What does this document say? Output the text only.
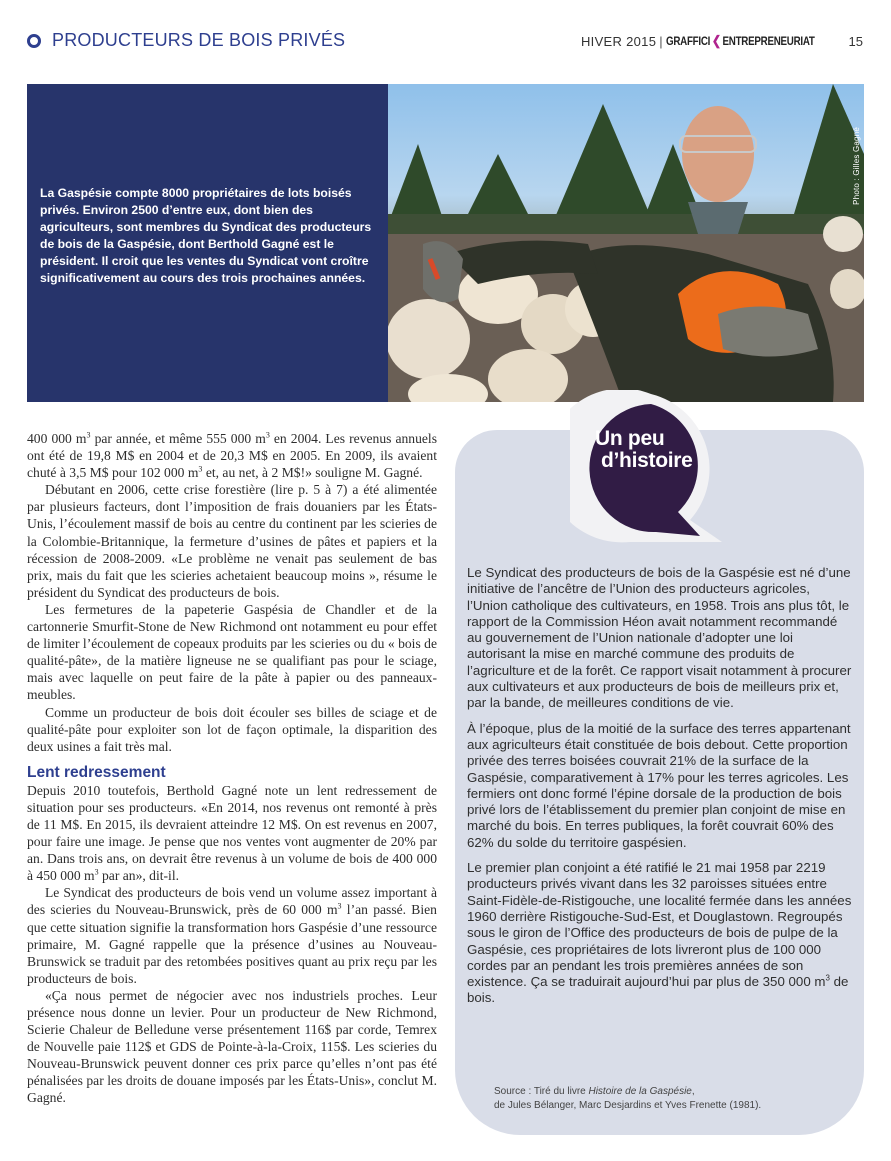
PRODUCTEURS DE BOIS PRIVÉS	HIVER 2015 | GRAFFICI ❮ ENTREPRENEURIAT	15

La Gaspésie compte 8000 propriétaires de lots boisés privés. Environ 2500 d’entre eux, dont bien des agriculteurs, sont membres du Syndicat des producteurs de bois de la Gaspésie, dont Berthold Gagné est le président. Il croit que les ventes du Syndicat vont croître significativement au cours des trois prochaines années.

Photo : Gilles Gagné

400 000 $m^3$ par année, et même 555 000 $m^3$ en 2004. Les revenus annuels ont été de 19,8 M$ en 2004 et de 20,3 M$ en 2005. En 2009, ils avaient chuté à 3,5 M$ pour 102 000 $m^3$ et, au net, à 2 M$!» souligne M. Gagné.

Débutant en 2006, cette crise forestière (lire p. 5 à 7) a été alimentée par plusieurs facteurs, dont l’imposition de frais douaniers par les États-Unis, l’écoulement massif de bois au centre du continent par les scieries de la Colombie-Britannique, la fermeture d’usines de pâtes et papiers et la récession de 2008-2009. «Le problème ne venait pas seulement de bas prix, mais du fait que les scieries achetaient beaucoup moins », résume le président du Syndicat des producteurs de bois.

Les fermetures de la papeterie Gaspésia de Chandler et de la cartonnerie Smurfit-Stone de New Richmond ont notamment eu pour effet de limiter l’écoulement de copeaux produits par les scieries ou du « bois de qualité-pâte», de la matière ligneuse ne se qualifiant pas pour le sciage, mais avec laquelle on peut faire de la pâte à papier ou des panneaux-meubles.

Comme un producteur de bois doit écouler ses billes de sciage et de qualité-pâte pour exploiter son lot de façon optimale, la disparition des deux usines a fait très mal.

Lent redressement

Depuis 2010 toutefois, Berthold Gagné note un lent redressement de situation pour ses producteurs. «En 2014, nos revenus ont remonté à près de 11 M$. En 2015, ils devraient atteindre 12 M$. On est revenus en 2007, pour faire une image. Je pense que nos ventes vont augmenter de 20% par an. Dans trois ans, on devrait être revenus à un volume de bois de 400 000 à 450 000 $m^3$ par an», dit-il.

Le Syndicat des producteurs de bois vend un volume assez important à des scieries du Nouveau-Brunswick, près de 60 000 $m^3$ l’an passé. Bien que cette situation signifie la transformation hors Gaspésie d’une ressource primaire, M. Gagné rappelle que la présence d’usines au Nouveau-Brunswick se traduit par des retombées positives quant au prix reçu par les producteurs de bois.

«Ça nous permet de négocier avec nos industriels proches. Leur présence nous donne un levier. Pour un producteur de New Richmond, Scierie Chaleur de Belledune verse présentement 116$ par corde, Temrex de Nouvelle paie 112$ et GDS de Pointe-à-la-Croix, 115$. Les scieries du Nouveau-Brunswick peuvent donner ces prix parce qu’elles n’ont pas été pénalisées par les droits de douane imposés par les États-Unis», conclut M. Gagné.

Un peu
d’histoire

Le Syndicat des producteurs de bois de la Gaspésie est né d’une initiative de l’ancêtre de l’Union des producteurs agricoles, l’Union catholique des cultivateurs, en 1958. Trois ans plus tôt, le rapport de la Commission Héon avait notamment recommandé au gouvernement de l’Union nationale d’adopter une loi autorisant la mise en marché commune des produits de l’agriculture et de la forêt. Ce rapport visait notamment à procurer aux cultivateurs et aux producteurs de bois de meilleurs prix et, par la bande, de meilleures conditions de vie.

À l’époque, plus de la moitié de la surface des terres appartenant aux agriculteurs était constituée de bois debout. Cette proportion privée des terres boisées couvrait 21% de la surface de la Gaspésie, comparativement à 17% pour les terres agricoles. Les fermiers ont donc formé l’épine dorsale de la production de bois privé lors de l’établissement du premier plan conjoint de mise en marché du bois. En terres publiques, la forêt couvrait 60% des 62% du solde du territoire gaspésien.

Le premier plan conjoint a été ratifié le 21 mai 1958 par 2219 producteurs privés vivant dans les 32 paroisses situées entre Saint-Fidèle-de-Ristigouche, une localité fermée dans les années 1960 derrière Ristigouche-Sud-Est, et Douglastown. Regroupés sous le giron de l’Office des producteurs de bois de pulpe de la Gaspésie, ces propriétaires de lots livreront plus de 100 000 cordes par an pendant les trois premières années de son existence. Ça se traduirait aujourd’hui par plus de 350 000 $m^3$ de bois.

Source : Tiré du livre Histoire de la Gaspésie,
de Jules Bélanger, Marc Desjardins et Yves Frenette (1981).
